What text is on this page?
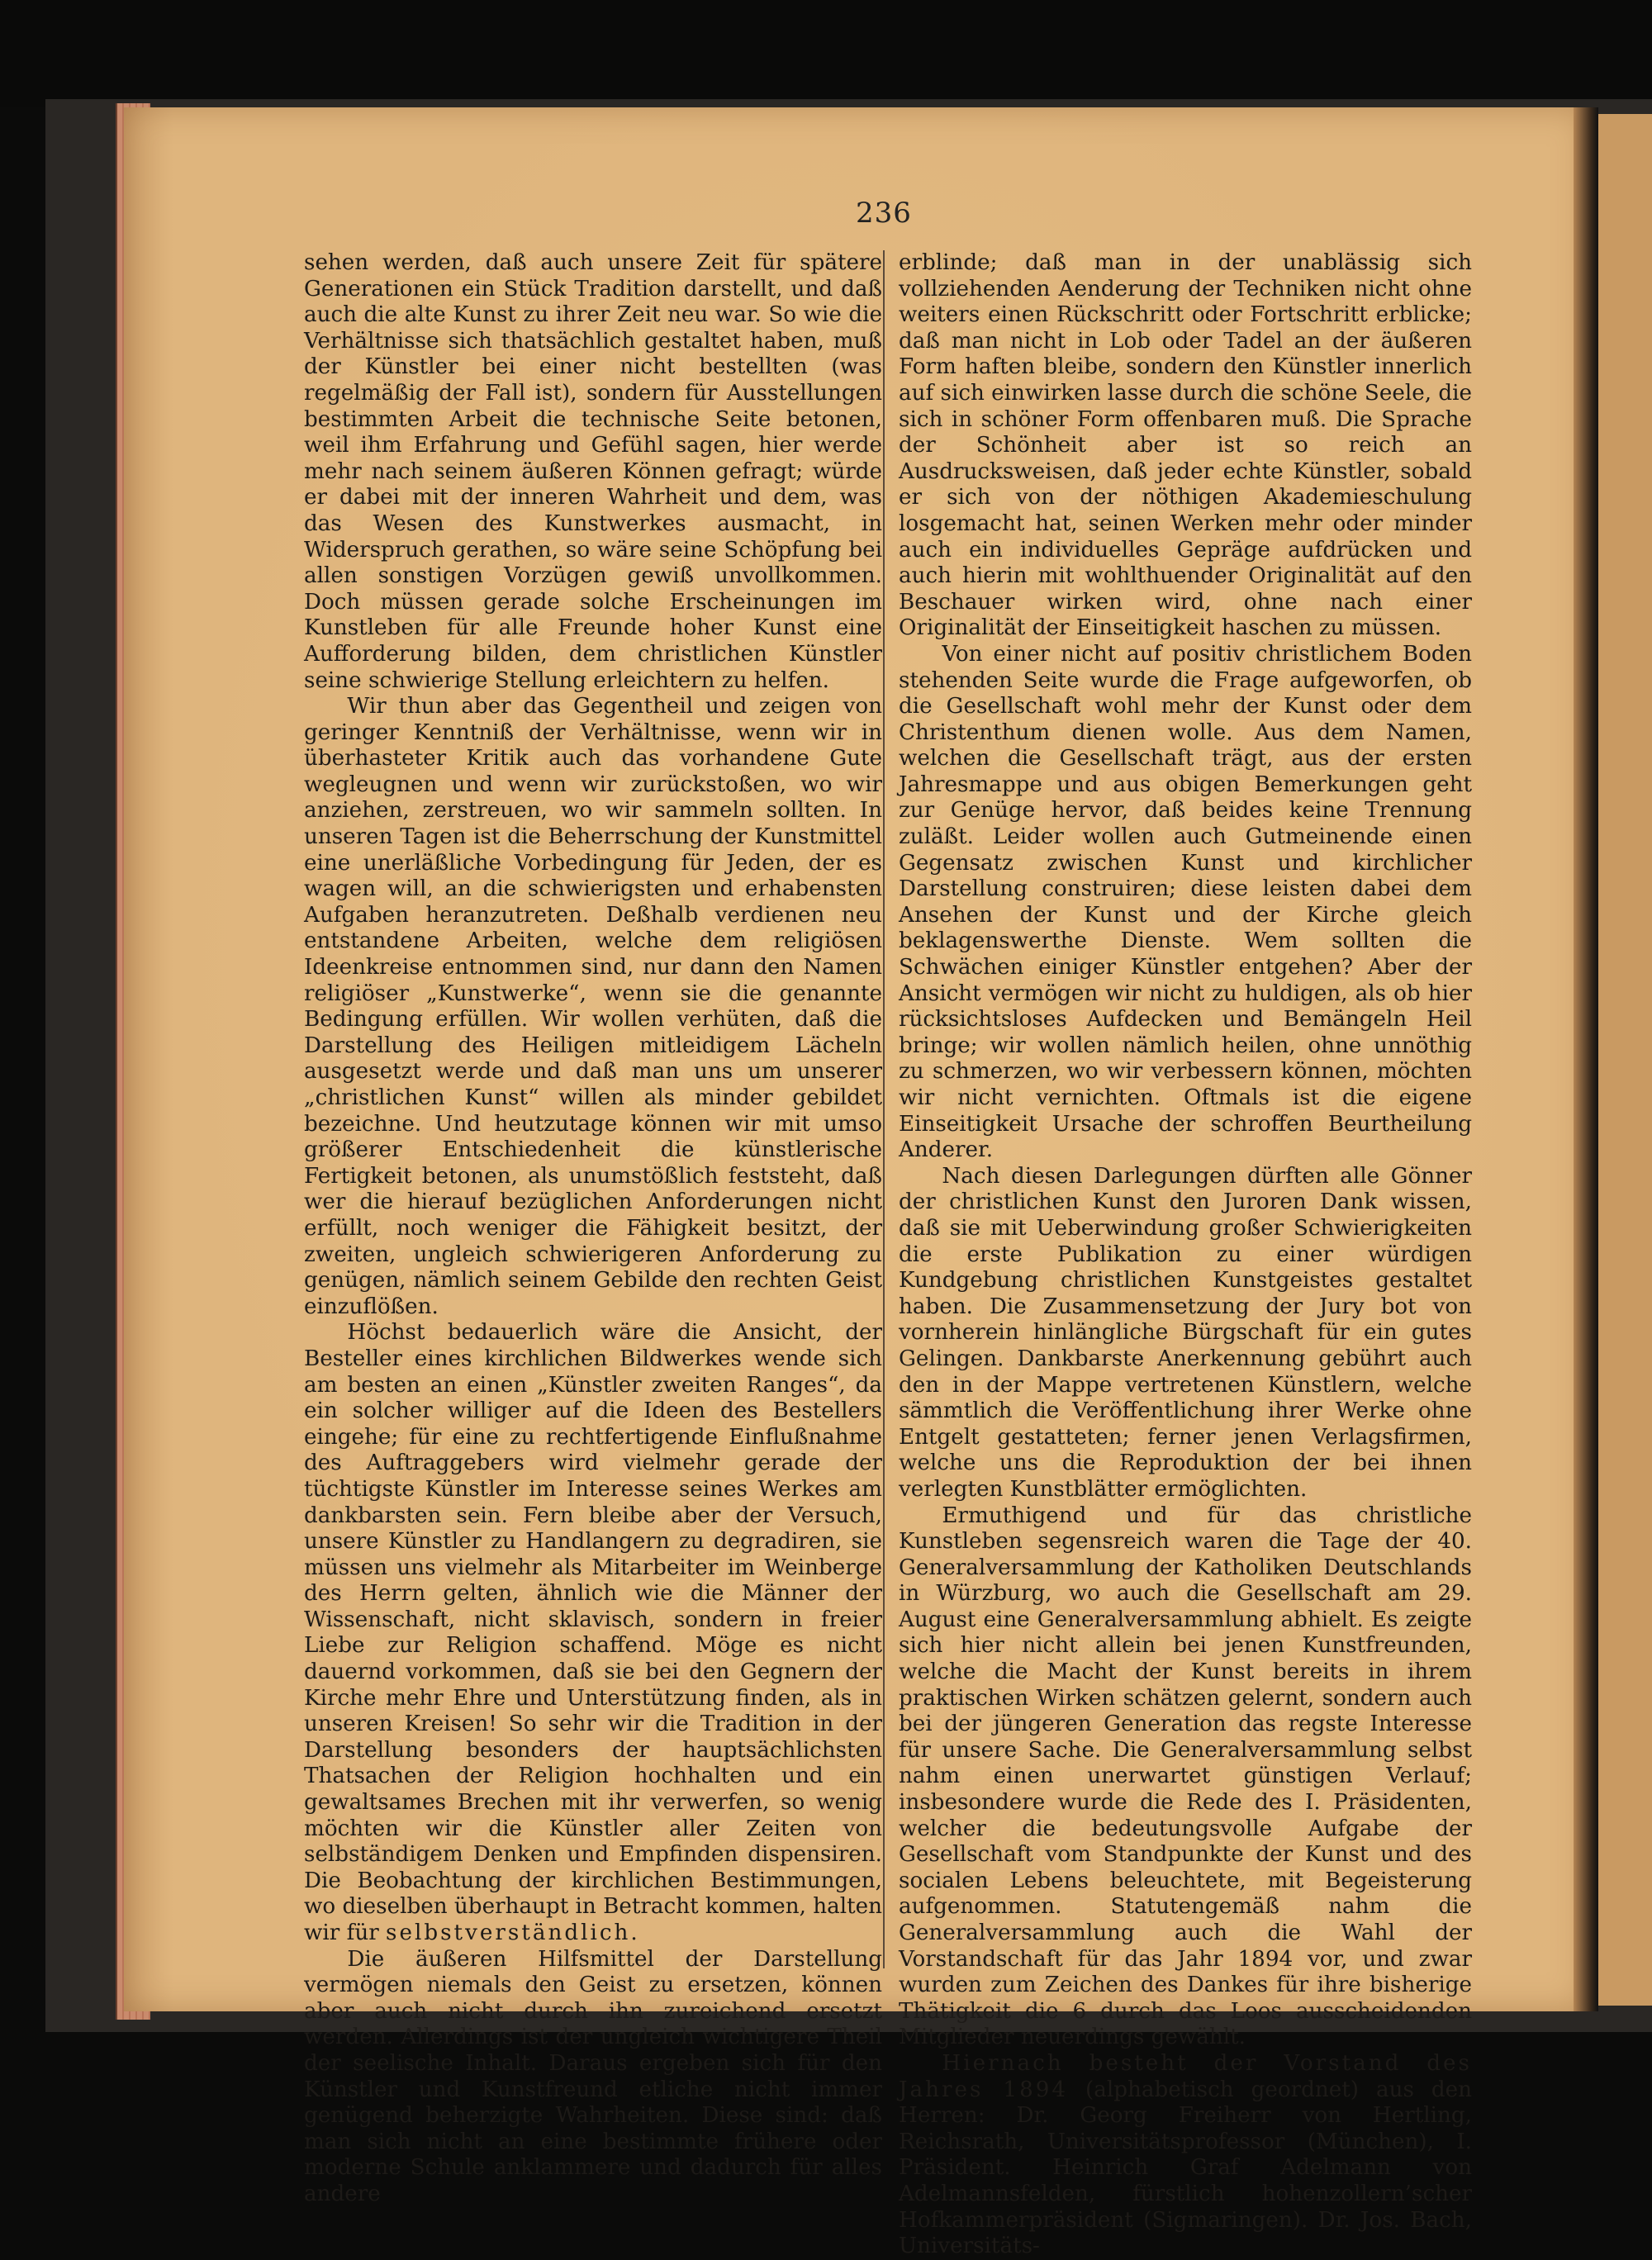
236

sehen werden, daß auch unsere Zeit für spätere Generationen ein Stück Tradition darstellt, und daß auch die alte Kunst zu ihrer Zeit neu war. So wie die Verhältnisse sich thatsächlich gestaltet haben, muß der Künstler bei einer nicht bestellten (was regelmäßig der Fall ist), sondern für Ausstellungen bestimmten Arbeit die technische Seite betonen, weil ihm Erfahrung und Gefühl sagen, hier werde mehr nach seinem äußeren Können gefragt; würde er dabei mit der inneren Wahrheit und dem, was das Wesen des Kunstwerkes ausmacht, in Widerspruch gerathen, so wäre seine Schöpfung bei allen sonstigen Vorzügen gewiß unvollkommen. Doch müssen gerade solche Erscheinungen im Kunstleben für alle Freunde hoher Kunst eine Aufforderung bilden, dem christlichen Künstler seine schwierige Stellung erleichtern zu helfen.

Wir thun aber das Gegentheil und zeigen von geringer Kenntniß der Verhältnisse, wenn wir in überhasteter Kritik auch das vorhandene Gute wegleugnen und wenn wir zurückstoßen, wo wir anziehen, zerstreuen, wo wir sammeln sollten. In unseren Tagen ist die Beherrschung der Kunstmittel eine unerläßliche Vorbedingung für Jeden, der es wagen will, an die schwierigsten und erhabensten Aufgaben heranzutreten. Deßhalb verdienen neu entstandene Arbeiten, welche dem religiösen Ideenkreise entnommen sind, nur dann den Namen religiöser „Kunstwerke“, wenn sie die genannte Bedingung erfüllen. Wir wollen verhüten, daß die Darstellung des Heiligen mitleidigem Lächeln ausgesetzt werde und daß man uns um unserer „christlichen Kunst“ willen als minder gebildet bezeichne. Und heutzutage können wir mit umso größerer Entschiedenheit die künstlerische Fertigkeit betonen, als unumstößlich feststeht, daß wer die hierauf bezüglichen Anforderungen nicht erfüllt, noch weniger die Fähigkeit besitzt, der zweiten, ungleich schwierigeren Anforderung zu genügen, nämlich seinem Gebilde den rechten Geist einzuflößen.

Höchst bedauerlich wäre die Ansicht, der Besteller eines kirchlichen Bildwerkes wende sich am besten an einen „Künstler zweiten Ranges“, da ein solcher williger auf die Ideen des Bestellers eingehe; für eine zu rechtfertigende Einflußnahme des Auftraggebers wird vielmehr gerade der tüchtigste Künstler im Interesse seines Werkes am dankbarsten sein. Fern bleibe aber der Versuch, unsere Künstler zu Handlangern zu degradiren, sie müssen uns vielmehr als Mitarbeiter im Weinberge des Herrn gelten, ähnlich wie die Männer der Wissenschaft, nicht sklavisch, sondern in freier Liebe zur Religion schaffend. Möge es nicht dauernd vorkommen, daß sie bei den Gegnern der Kirche mehr Ehre und Unterstützung finden, als in unseren Kreisen! So sehr wir die Tradition in der Darstellung besonders der hauptsächlichsten Thatsachen der Religion hochhalten und ein gewaltsames Brechen mit ihr verwerfen, so wenig möchten wir die Künstler aller Zeiten von selbständigem Denken und Empfinden dispensiren. Die Beobachtung der kirchlichen Bestimmungen, wo dieselben überhaupt in Betracht kommen, halten wir für selbstverständlich.

Die äußeren Hilfsmittel der Darstellung vermögen niemals den Geist zu ersetzen, können aber auch nicht durch ihn zureichend ersetzt werden. Allerdings ist der ungleich wichtigere Theil der seelische Inhalt. Daraus ergeben sich für den Künstler und Kunstfreund etliche nicht immer genügend beherzigte Wahrheiten. Diese sind: daß man sich nicht an eine bestimmte frühere oder moderne Schule anklammere und dadurch für alles andere

erblinde; daß man in der unablässig sich vollziehenden Aenderung der Techniken nicht ohne weiters einen Rückschritt oder Fortschritt erblicke; daß man nicht in Lob oder Tadel an der äußeren Form haften bleibe, sondern den Künstler innerlich auf sich einwirken lasse durch die schöne Seele, die sich in schöner Form offenbaren muß. Die Sprache der Schönheit aber ist so reich an Ausdrucksweisen, daß jeder echte Künstler, sobald er sich von der nöthigen Akademieschulung losgemacht hat, seinen Werken mehr oder minder auch ein individuelles Gepräge aufdrücken und auch hierin mit wohlthuender Originalität auf den Beschauer wirken wird, ohne nach einer Originalität der Einseitigkeit haschen zu müssen.

Von einer nicht auf positiv christlichem Boden stehenden Seite wurde die Frage aufgeworfen, ob die Gesellschaft wohl mehr der Kunst oder dem Christenthum dienen wolle. Aus dem Namen, welchen die Gesellschaft trägt, aus der ersten Jahresmappe und aus obigen Bemerkungen geht zur Genüge hervor, daß beides keine Trennung zuläßt. Leider wollen auch Gutmeinende einen Gegensatz zwischen Kunst und kirchlicher Darstellung construiren; diese leisten dabei dem Ansehen der Kunst und der Kirche gleich beklagenswerthe Dienste. Wem sollten die Schwächen einiger Künstler entgehen? Aber der Ansicht vermögen wir nicht zu huldigen, als ob hier rücksichtsloses Aufdecken und Bemängeln Heil bringe; wir wollen nämlich heilen, ohne unnöthig zu schmerzen, wo wir verbessern können, möchten wir nicht vernichten. Oftmals ist die eigene Einseitigkeit Ursache der schroffen Beurtheilung Anderer.

Nach diesen Darlegungen dürften alle Gönner der christlichen Kunst den Juroren Dank wissen, daß sie mit Ueberwindung großer Schwierigkeiten die erste Publikation zu einer würdigen Kundgebung christlichen Kunstgeistes gestaltet haben. Die Zusammensetzung der Jury bot von vornherein hinlängliche Bürgschaft für ein gutes Gelingen. Dankbarste Anerkennung gebührt auch den in der Mappe vertretenen Künstlern, welche sämmtlich die Veröffentlichung ihrer Werke ohne Entgelt gestatteten; ferner jenen Verlagsfirmen, welche uns die Reproduktion der bei ihnen verlegten Kunstblätter ermöglichten.

Ermuthigend und für das christliche Kunstleben segensreich waren die Tage der 40. Generalversammlung der Katholiken Deutschlands in Würzburg, wo auch die Gesellschaft am 29. August eine Generalversammlung abhielt. Es zeigte sich hier nicht allein bei jenen Kunstfreunden, welche die Macht der Kunst bereits in ihrem praktischen Wirken schätzen gelernt, sondern auch bei der jüngeren Generation das regste Interesse für unsere Sache. Die Generalversammlung selbst nahm einen unerwartet günstigen Verlauf; insbesondere wurde die Rede des I. Präsidenten, welcher die bedeutungsvolle Aufgabe der Gesellschaft vom Standpunkte der Kunst und des socialen Lebens beleuchtete, mit Begeisterung aufgenommen. Statutengemäß nahm die Generalversammlung auch die Wahl der Vorstandschaft für das Jahr 1894 vor, und zwar wurden zum Zeichen des Dankes für ihre bisherige Thätigkeit die 6 durch das Loos ausscheidenden Mitglieder neuerdings gewählt.

Hiernach besteht der Vorstand des Jahres 1894 (alphabetisch geordnet) aus den Herren: Dr. Georg Freiherr von Hertling, Reichsrath, Universitätsprofessor (München), I. Präsident. Heinrich Graf Adelmann von Adelmannsfelden, fürstlich hohenzollern’scher Hofkammerpräsident (Sigmaringen). Dr. Jos. Bach, Universitäts-
